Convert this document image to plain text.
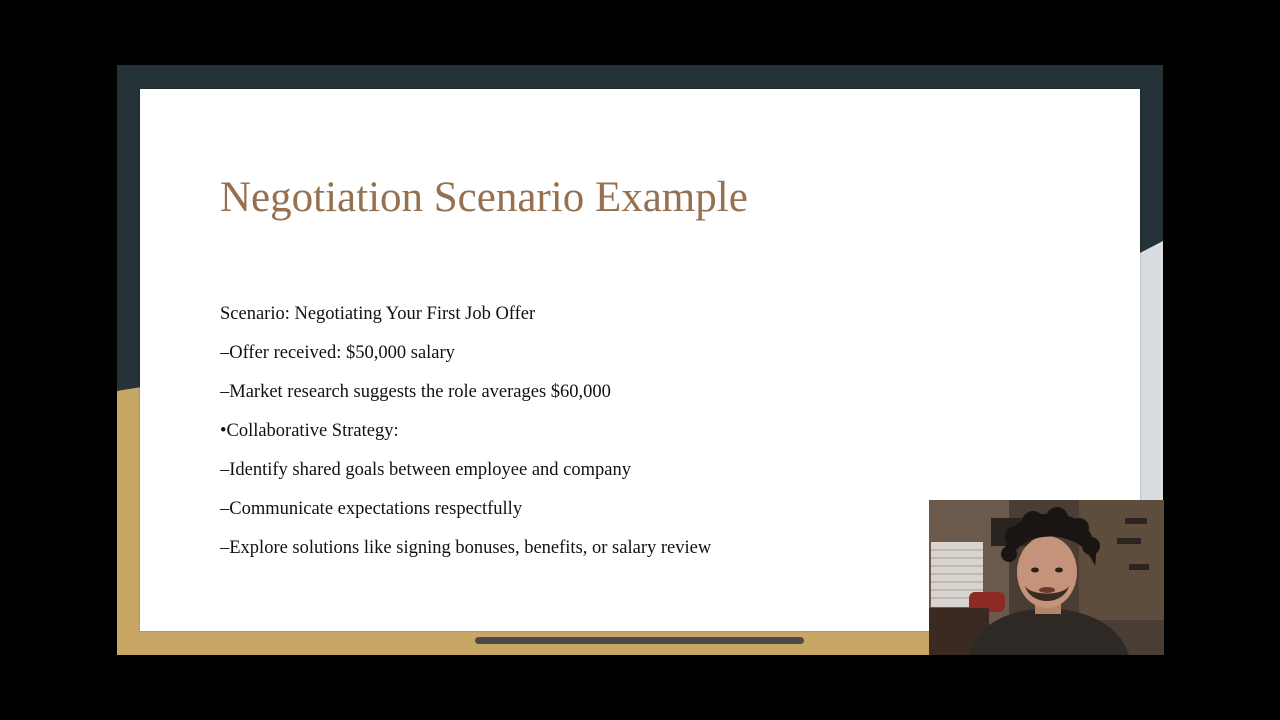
Negotiation Scenario Example
Scenario: Negotiating Your First Job Offer
–Offer received: $50,000 salary
–Market research suggests the role averages $60,000
•Collaborative Strategy:
–Identify shared goals between employee and company
–Communicate expectations respectfully
–Explore solutions like signing bonuses, benefits, or salary review
